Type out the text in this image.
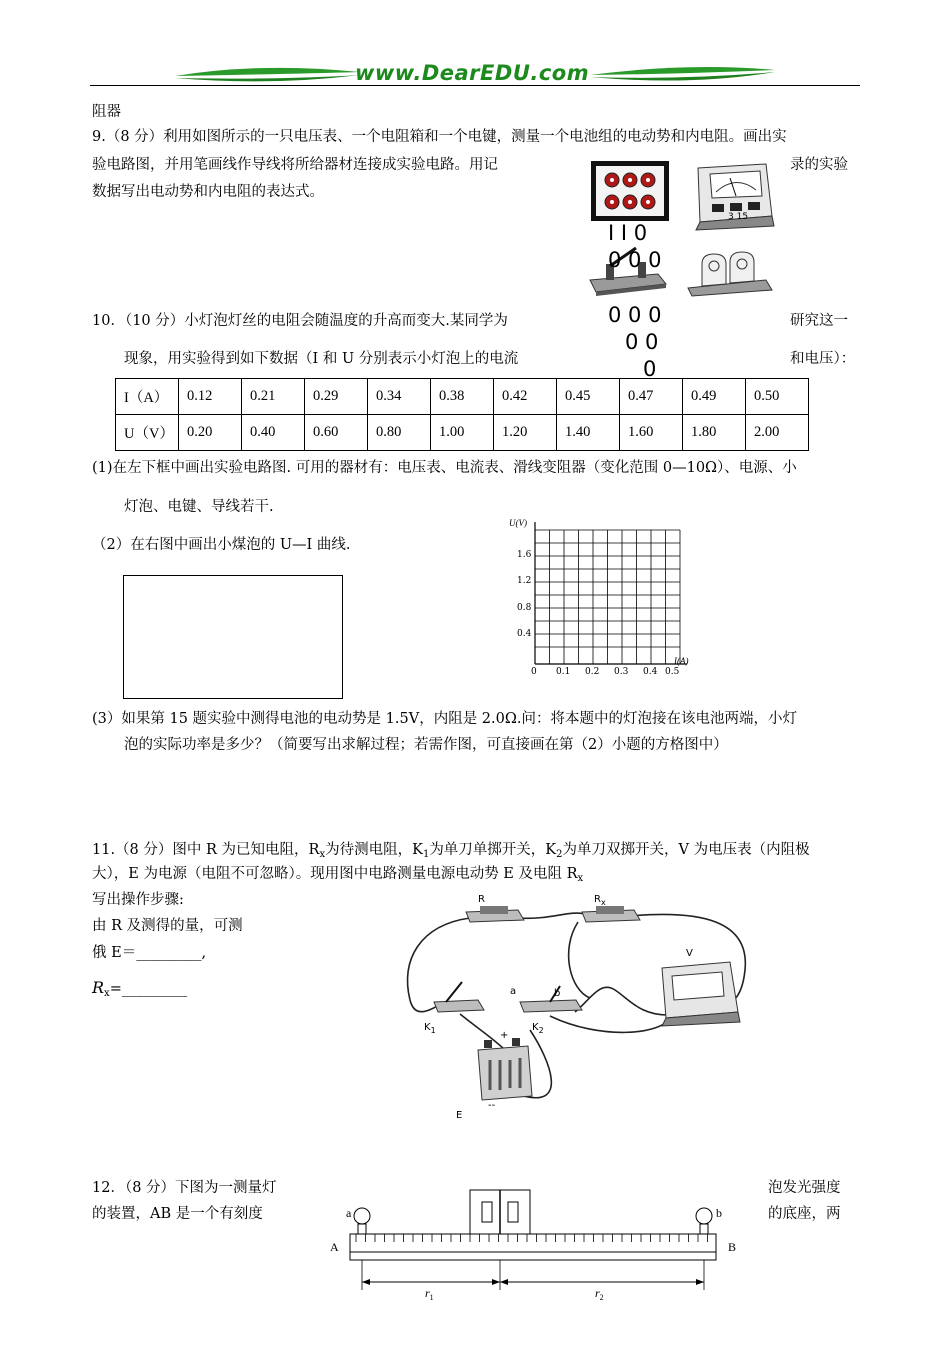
www.DearEDU.com
阻器
9.（8 分）利用如图所示的一只电压表、一个电阻箱和一个电键，测量一个电池组的电动势和内电阻。画出实
验电路图，并用笔画线作导线将所给器材连接成实验电路。用记	录的实验
数据写出电动势和内电阻的表达式。
3 15
I I 0
0 0 0
10．（10 分）小灯泡灯丝的电阻会随温度的升高而变大.某同学为	研究这一
0 0 0
0 0
0
现象，用实验得到如下数据（I 和 U 分别表示小灯泡上的电流	和电压）：
I（A）	0.12	0.21	0.29	0.34	0.38	0.42	0.45	0.47	0.49	0.50
U（V）	0.20	0.40	0.60	0.80	1.00	1.20	1.40	1.60	1.80	2.00
(1)在左下框中画出实验电路图. 可用的器材有：电压表、电流表、滑线变阻器（变化范围 0—10Ω）、电源、小
灯泡、电键、导线若干.
（2）在右图中画出小煤泡的 U—I 曲线.
U(V)
I(A)
1.6
1.2
0.8
0.4
0 0.1 0.2 0.3 0.4 0.5
(3）如果第 15 题实验中测得电池的电动势是 1.5V，内阻是 2.0Ω.问：将本题中的灯泡接在该电池两端，小灯
泡的实际功率是多少？（简要写出求解过程；若需作图，可直接画在第（2）小题的方格图中）
11.（8 分）图中 R 为已知电阻，$R_x$为待测电阻，$K_1$为单刀单掷开关，$K_2$为单刀双掷开关，V 为电压表（内阻极
大），E 为电源（电阻不可忽略）。现用图中电路测量电源电动势 E 及电阻 $R_x$
写出操作步骤:
由 R 及测得的量，可测
俄 E＝_________,
$R_x=\_\_\_\_\_\_\_\_\_$
R	$R_x$
V
$K_1$	$K_2$
a	b
+
--
E
12．（8 分）下图为一测量灯	泡发光强度
的装置，AB 是一个有刻度	的底座，两
a	b
A	B
$r_1$	$r_2$
